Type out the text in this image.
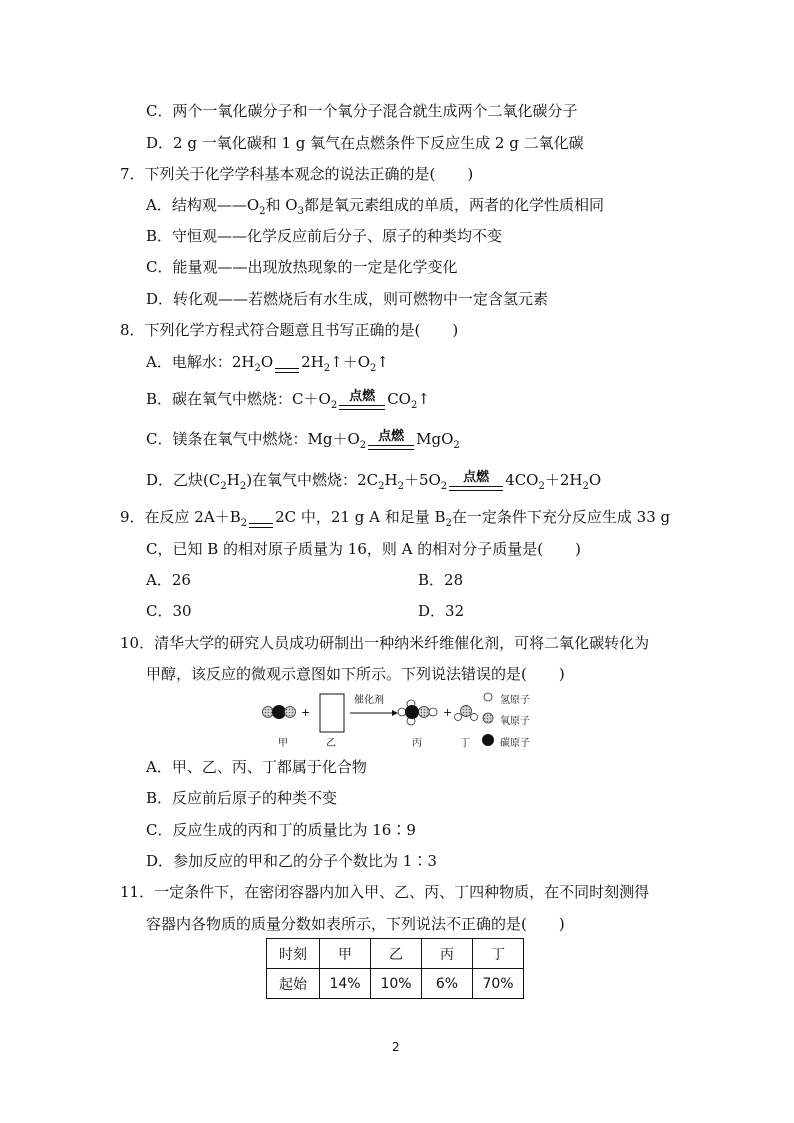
C．两个一氧化碳分子和一个氧分子混合就生成两个二氧化碳分子
D．2 g 一氧化碳和 1 g 氧气在点燃条件下反应生成 2 g 二氧化碳
7．下列关于化学学科基本观念的说法正确的是( )
A．结构观$——O_2$和 $O_3$都是氧元素组成的单质，两者的化学性质相同
B．守恒观——化学反应前后分子、原子的种类均不变
C．能量观——出现放热现象的一定是化学变化
D．转化观——若燃烧后有水生成，则可燃物中一定含氢元素
8．下列化学方程式符合题意且书写正确的是( )
A．电解水：$2H_2O$ $2H_2↑+O_2↑$
B．碳在氧气中燃烧：$C+O_2$
点燃 $CO_2↑$
C．镁条在氧气中燃烧：$Mg+O_2$
点燃 MgO$_2$
D．乙炔$(C_2H_2)$在氧气中燃烧：$2C_2H_2+5O_2$
点燃	$4CO_2+2H_2O$
9．在反应 $2A+B_2$ 2C 中，21 g A 和足量 $B_2$在一定条件下充分反应生成 33 g
C，已知 B 的相对原子质量为 16，则 A 的相对分子质量是( )
A．26	B．28
C．30	D．32
10．清华大学的研究人员成功研制出一种纳米纤维催化剂，可将二氧化碳转化为
甲醇，该反应的微观示意图如下所示。下列说法错误的是( )
+	+
催化剂	氢原子
氧原子
碳原子
甲	乙	丙	丁
A．甲、乙、丙、丁都属于化合物
B．反应前后原子的种类不变
C．反应生成的丙和丁的质量比为 16∶9
D．参加反应的甲和乙的分子个数比为 1∶3
11．一定条件下，在密闭容器内加入甲、乙、丙、丁四种物质，在不同时刻测得
容器内各物质的质量分数如表所示，下列说法不正确的是( )
时刻	甲	乙	丙	丁
起始	14%	10%	6%	70%
2
